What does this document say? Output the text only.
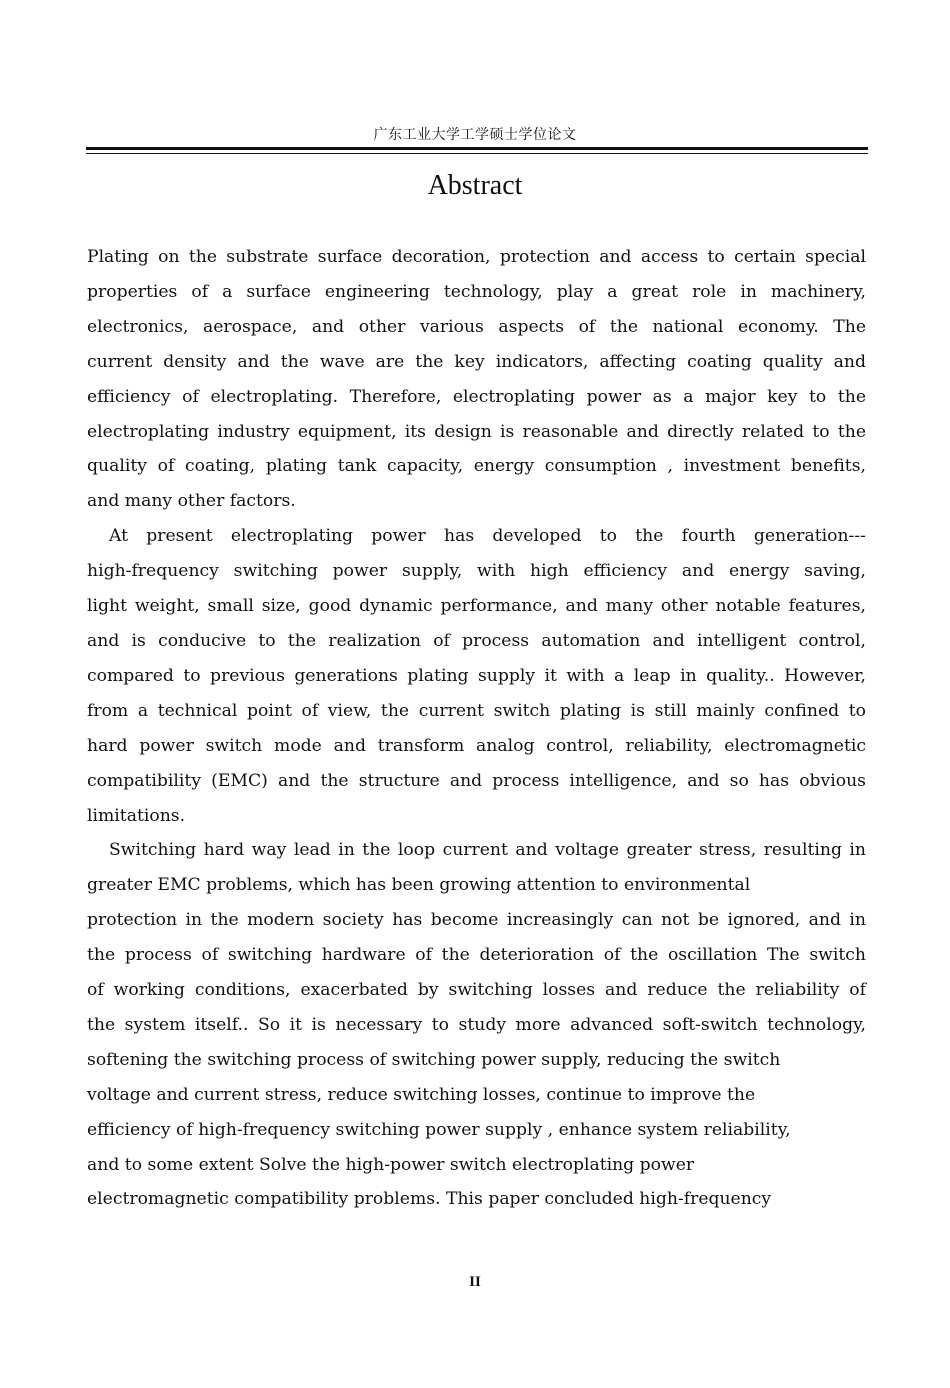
广东工业大学工学硕士学位论文
Abstract
Plating on the substrate surface decoration, protection and access to certain special
properties of a surface engineering technology, play a great role in machinery,
electronics, aerospace, and other various aspects of the national economy. The
current density and the wave are the key indicators, affecting coating quality and
efficiency of electroplating. Therefore, electroplating power as a major key to the
electroplating industry equipment, its design is reasonable and directly related to the
quality of coating, plating tank capacity, energy consumption , investment benefits,
and many other factors.
At present electroplating power has developed to the fourth generation---
high-frequency switching power supply, with high efficiency and energy saving,
light weight, small size, good dynamic performance, and many other notable features,
and is conducive to the realization of process automation and intelligent control,
compared to previous generations plating supply it with a leap in quality.. However,
from a technical point of view, the current switch plating is still mainly confined to
hard power switch mode and transform analog control, reliability, electromagnetic
compatibility (EMC) and the structure and process intelligence, and so has obvious
limitations.
Switching hard way lead in the loop current and voltage greater stress, resulting in
greater EMC problems, which has been growing attention to environmental
protection in the modern society has become increasingly can not be ignored, and in
the process of switching hardware of the deterioration of the oscillation The switch
of working conditions, exacerbated by switching losses and reduce the reliability of
the system itself.. So it is necessary to study more advanced soft-switch technology,
softening the switching process of switching power supply, reducing the switch
voltage and current stress, reduce switching losses, continue to improve the
efficiency of high-frequency switching power supply , enhance system reliability,
and to some extent Solve the high-power switch electroplating power
electromagnetic compatibility problems. This paper concluded high-frequency
II
